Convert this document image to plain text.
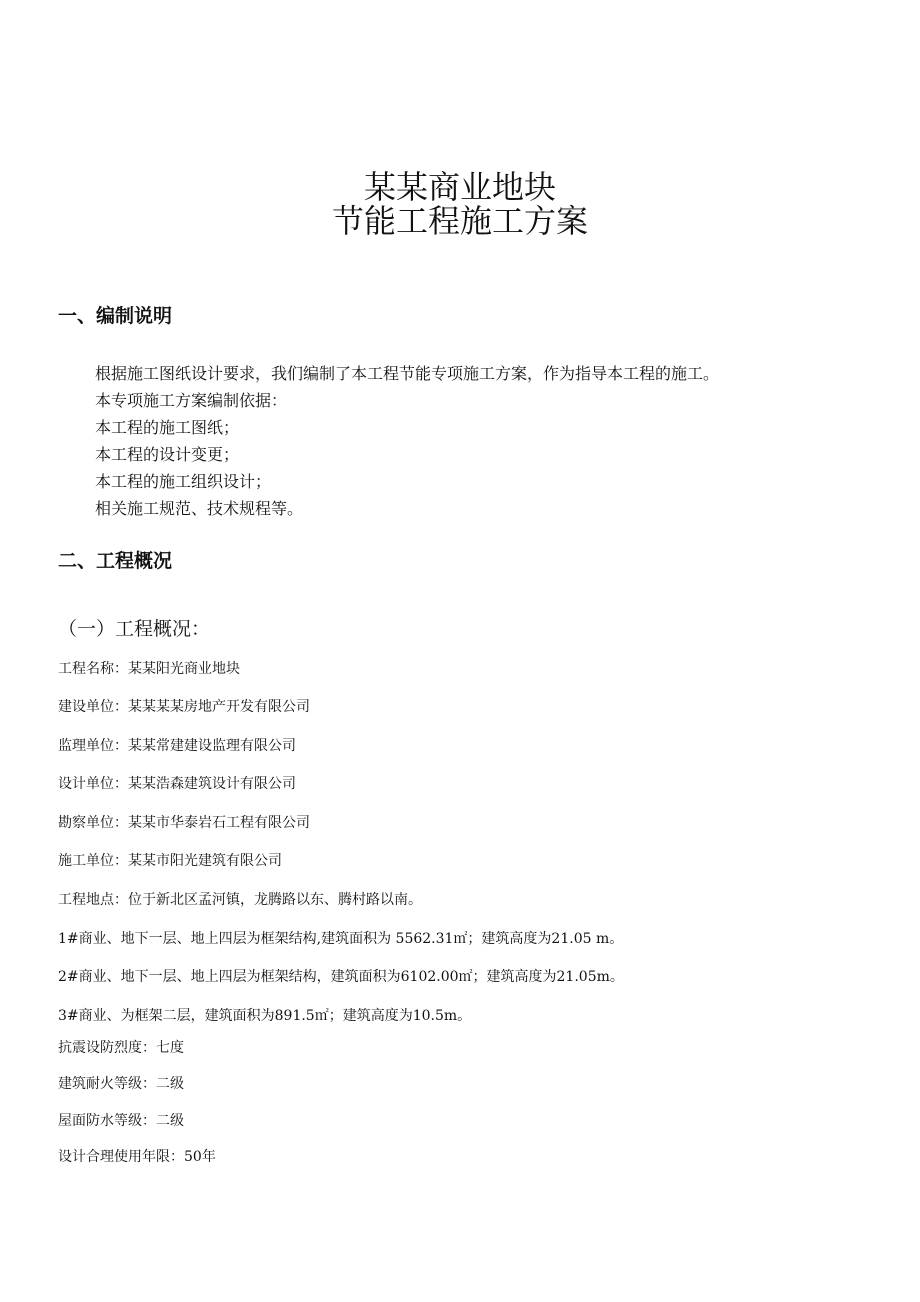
某某商业地块
节能工程施工方案
一、编制说明
根据施工图纸设计要求，我们编制了本工程节能专项施工方案，作为指导本工程的施工。
本专项施工方案编制依据：
本工程的施工图纸；
本工程的设计变更；
本工程的施工组织设计；
相关施工规范、技术规程等。
二、工程概况
（一）工程概况：
工程名称：某某阳光商业地块
建设单位：某某某某房地产开发有限公司
监理单位：某某常建建设监理有限公司
设计单位：某某浩森建筑设计有限公司
勘察单位：某某市华泰岩石工程有限公司
施工单位：某某市阳光建筑有限公司
工程地点：位于新北区孟河镇，龙腾路以东、腾村路以南。
1#商业、地下一层、地上四层为框架结构,建筑面积为 5562.31㎡；建筑高度为21.05 m。
2#商业、地下一层、地上四层为框架结构，建筑面积为6102.00㎡；建筑高度为21.05m。
3#商业、为框架二层，建筑面积为891.5㎡；建筑高度为10.5m。
抗震设防烈度：七度
建筑耐火等级：二级
屋面防水等级：二级
设计合理使用年限：50年
